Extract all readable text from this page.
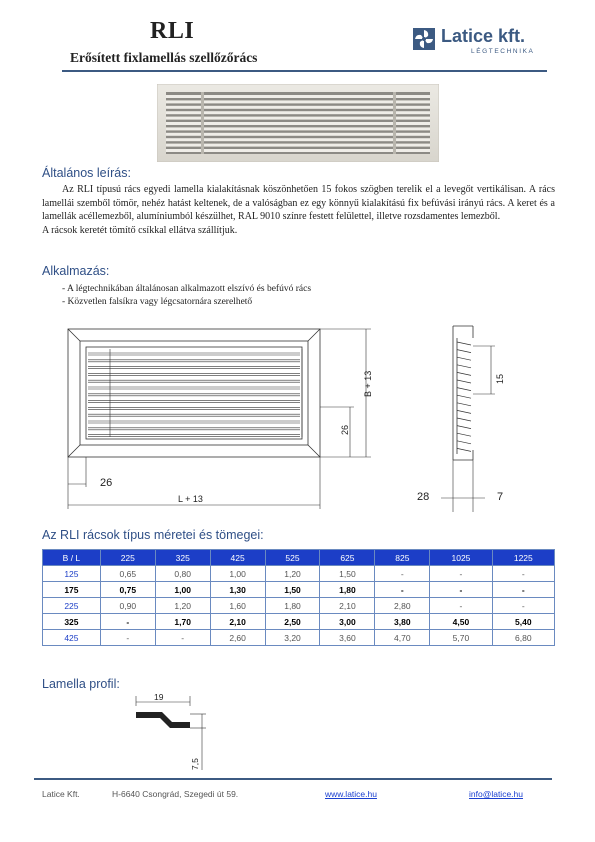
RLI
Erősített fixlamellás szellőzőrács
Latice kft.
LÉGTECHNIKA
Általános leírás:

Az RLI típusú rács egyedi lamella kialakításnak köszönhetően 15 fokos szögben terelik el a levegőt vertikálisan. A rács lamellái szemből tömör, nehéz hatást keltenek, de a valóságban ez egy könnyű kialakítású fix befúvási irányú rács. A keret és a lamellák acéllemezből, alumíniumból készülhet, RAL 9010 színre festett felülettel, illetve rozsdamentes lemezből.

A rácsok keretét tömítő csíkkal ellátva szállítjuk.

Alkalmazás:
- A légtechnikában általánosan alkalmazott elszívó és befúvó rács
- Közvetlen falsíkra vagy légcsatornára szerelhető
B + 13
26
26
L + 13
15
28	7
Az RLI rácsok típus méretei és tömegei:
B / L	225	325	425	525	625	825	1025	1225
125	0,65	0,80	1,00	1,20	1,50	-	-	-
175	0,75	1,00	1,30	1,50	1,80	-	-	-
225	0,90	1,20	1,60	1,80	2,10	2,80	-	-
325	-	1,70	2,10	2,50	3,00	3,80	4,50	5,40
425	-	-	2,60	3,20	3,60	4,70	5,70	6,80
Lamella profil:
19
7,5
Latice Kft.	H-6640 Csongrád, Szegedi út 59.	www.latice.hu	info@latice.hu
